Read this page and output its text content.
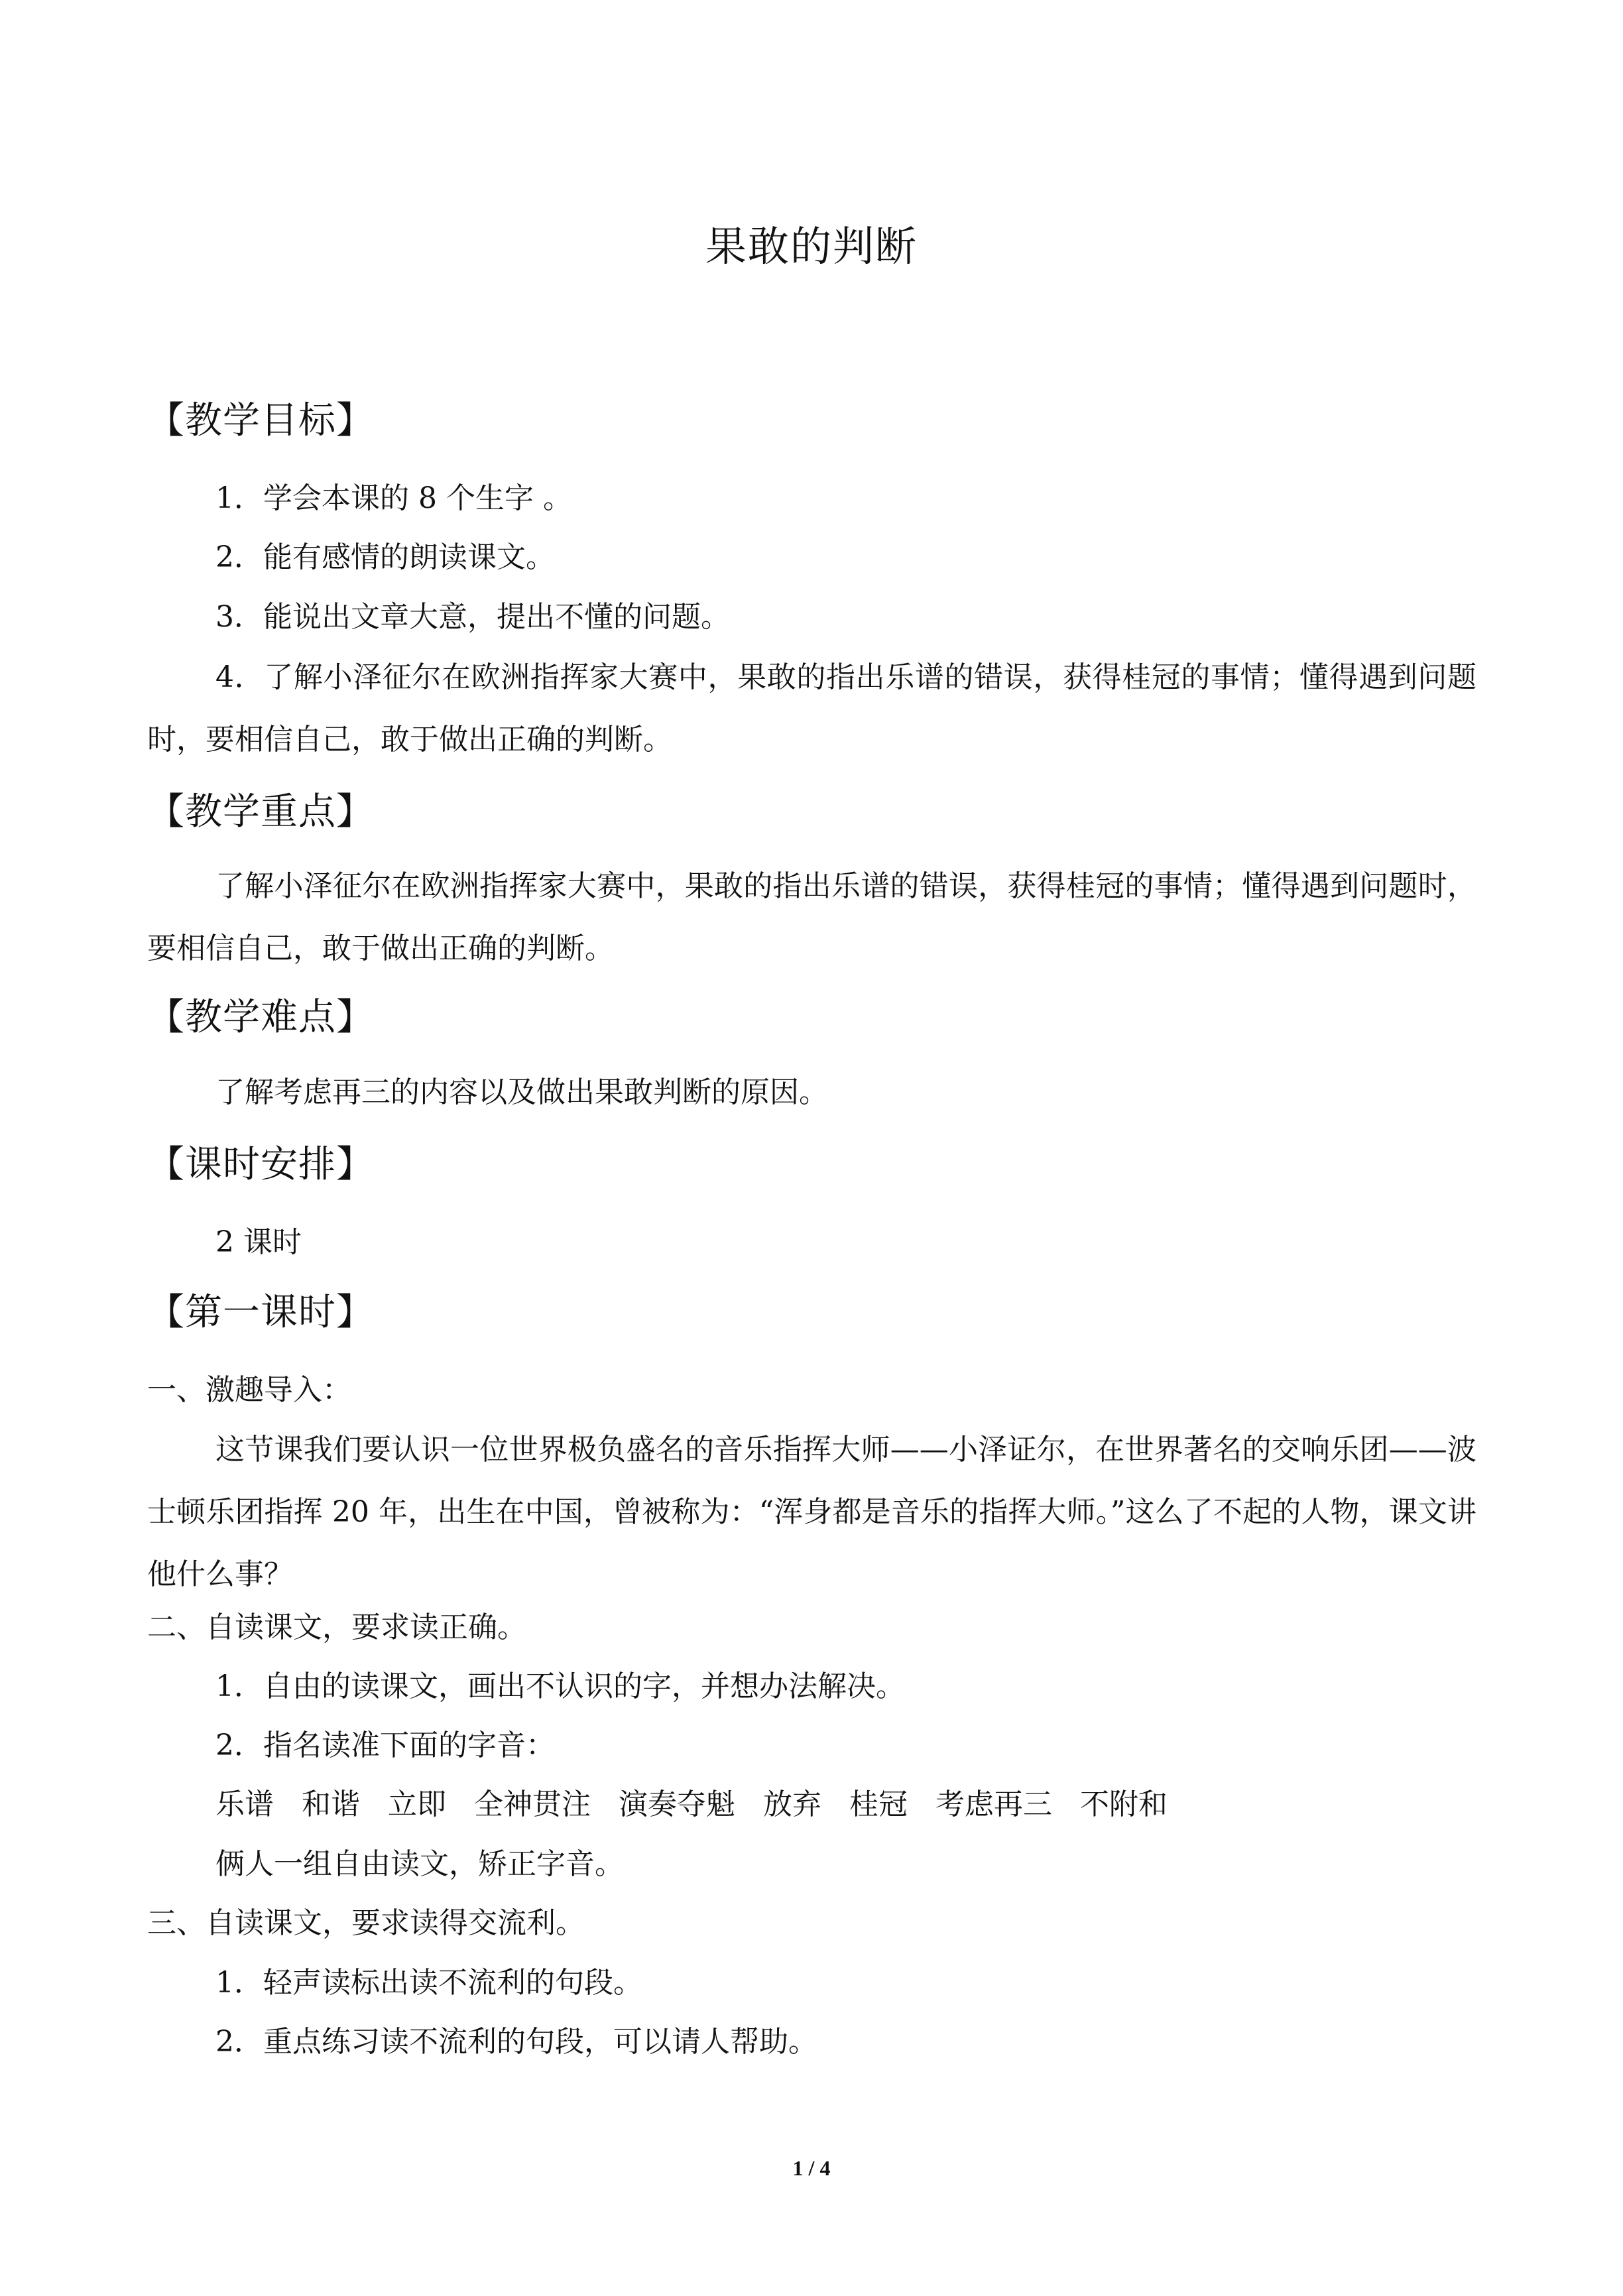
果敢的判断
【教学目标】
1．学会本课的 8 个生字 。
2．能有感情的朗读课文。
3．能说出文章大意，提出不懂的问题。
4．了解小泽征尔在欧洲指挥家大赛中，果敢的指出乐谱的错误，获得桂冠的事情；懂得遇到问题时，要相信自己，敢于做出正确的判断。
【教学重点】
了解小泽征尔在欧洲指挥家大赛中，果敢的指出乐谱的错误，获得桂冠的事情；懂得遇到问题时，要相信自己，敢于做出正确的判断。
【教学难点】
了解考虑再三的内容以及做出果敢判断的原因。
【课时安排】
2 课时
【第一课时】
一、激趣导入：
这节课我们要认识一位世界极负盛名的音乐指挥大师——小泽证尔，在世界著名的交响乐团——波士顿乐团指挥 20 年，出生在中国，曾被称为：“浑身都是音乐的指挥大师。”这么了不起的人物，课文讲他什么事？
二、自读课文，要求读正确。
1．自由的读课文，画出不认识的字，并想办法解决。
2．指名读准下面的字音：
乐谱 和谐 立即 全神贯注 演奏夺魁 放弃 桂冠 考虑再三 不附和
俩人一组自由读文，矫正字音。
三、自读课文，要求读得交流利。
1．轻声读标出读不流利的句段。
2．重点练习读不流利的句段，可以请人帮助。
1 / 4
